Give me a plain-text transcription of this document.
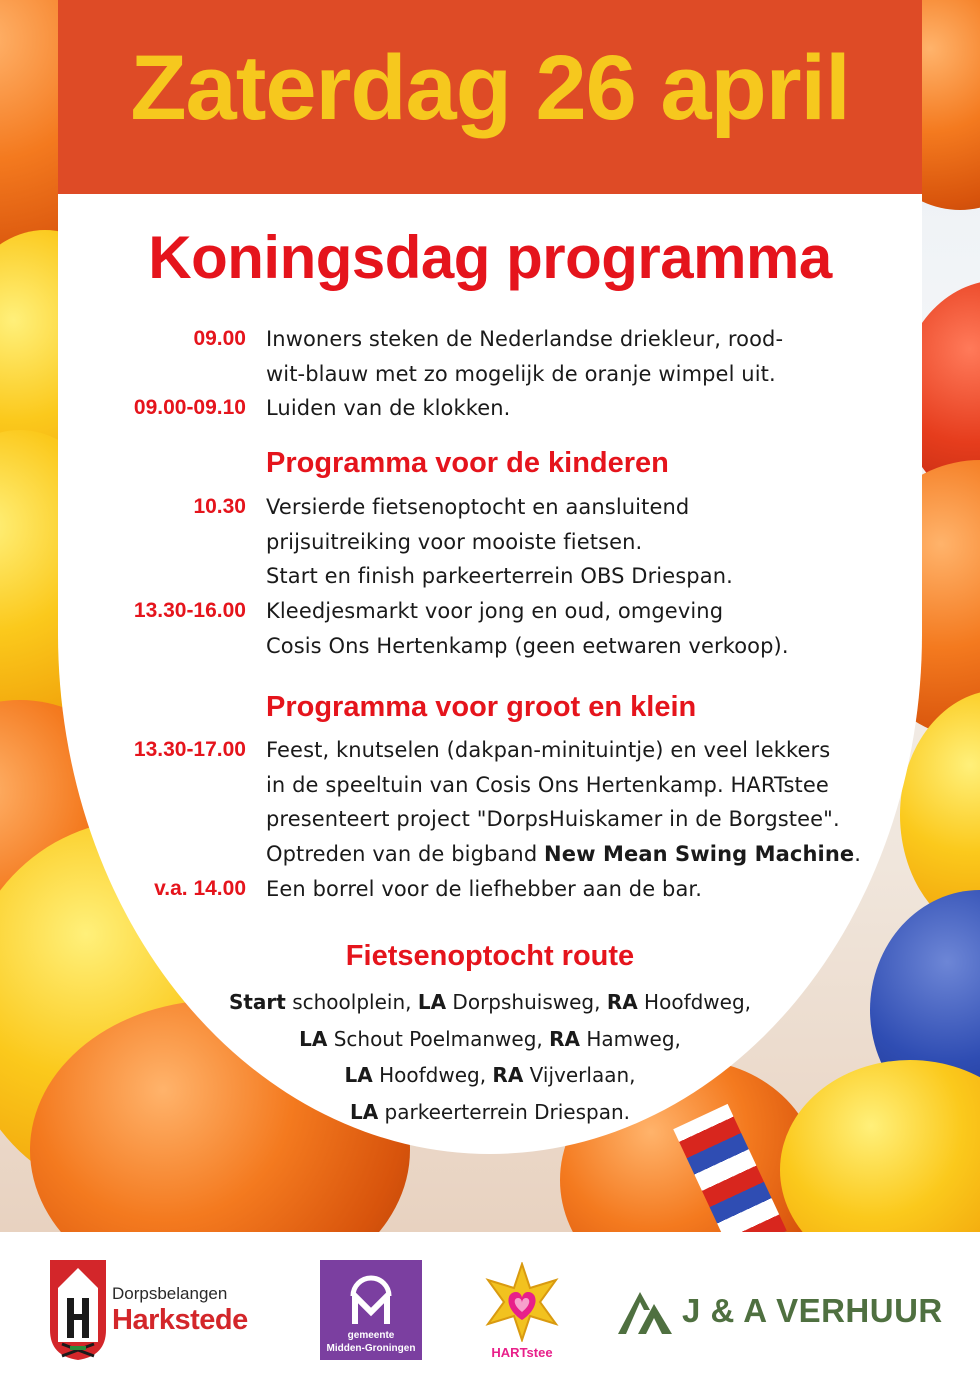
Zaterdag 26 april
Koningsdag programma
09.00 Inwoners steken de Nederlandse driekleur, rood-
wit-blauw met zo mogelijk de oranje wimpel uit.
09.00-09.10 Luiden van de klokken.
Programma voor de kinderen
10.30 Versierde fietsenoptocht en aansluitend
prijsuitreiking voor mooiste fietsen.
Start en finish parkeerterrein OBS Driespan.
13.30-16.00 Kleedjesmarkt voor jong en oud, omgeving
Cosis Ons Hertenkamp (geen eetwaren verkoop).
Programma voor groot en klein
13.30-17.00 Feest, knutselen (dakpan-minituintje) en veel lekkers
in de speeltuin van Cosis Ons Hertenkamp. HARTstee
presenteert project "DorpsHuiskamer in de Borgstee".
Optreden van de bigband New Mean Swing Machine.
v.a. 14.00 Een borrel voor de liefhebber aan de bar.
Fietsenoptocht route
Start schoolplein, LA Dorpshuisweg, RA Hoofdweg,
LA Schout Poelmanweg, RA Hamweg,
LA Hoofdweg, RA Vijverlaan,
LA parkeerterrein Driespan.
Dorpsbelangen
Harkstede	gemeente
Midden-Groningen	HARTstee
J & A VERHUUR
